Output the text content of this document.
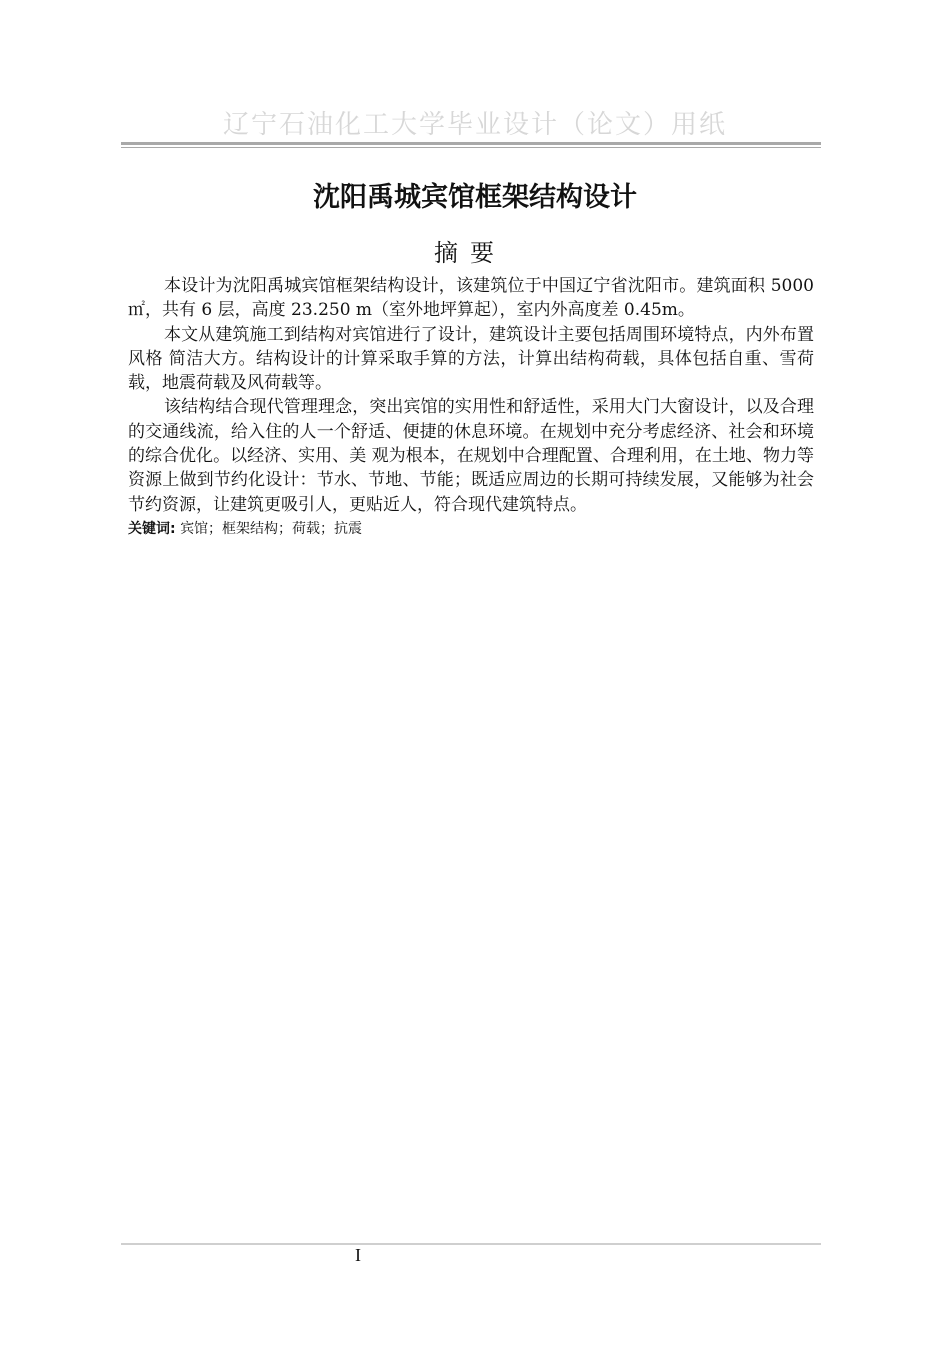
辽宁石油化工大学毕业设计（论文）用纸
沈阳禹城宾馆框架结构设计
摘要

本设计为沈阳禹城宾馆框架结构设计，该建筑位于中国辽宁省沈阳市。建筑面积 5000㎡，共有 6 层，高度 23.250 m（室外地坪算起），室内外高度差 0.45m。

本文从建筑施工到结构对宾馆进行了设计，建筑设计主要包括周围环境特点，内外布置风格 简洁大方。结构设计的计算采取手算的方法，计算出结构荷载，具体包括自重、雪荷载，地震荷载及风荷载等。

该结构结合现代管理理念，突出宾馆的实用性和舒适性，采用大门大窗设计，以及合理的交通线流，给入住的人一个舒适、便捷的休息环境。在规划中充分考虑经济、社会和环境的综合优化。以经济、实用、美 观为根本，在规划中合理配置、合理利用，在土地、物力等资源上做到节约化设计：节水、节地、节能；既适应周边的长期可持续发展，又能够为社会节约资源，让建筑更吸引人，更贴近人，符合现代建筑特点。

关键词: 宾馆；框架结构；荷载；抗震

I
